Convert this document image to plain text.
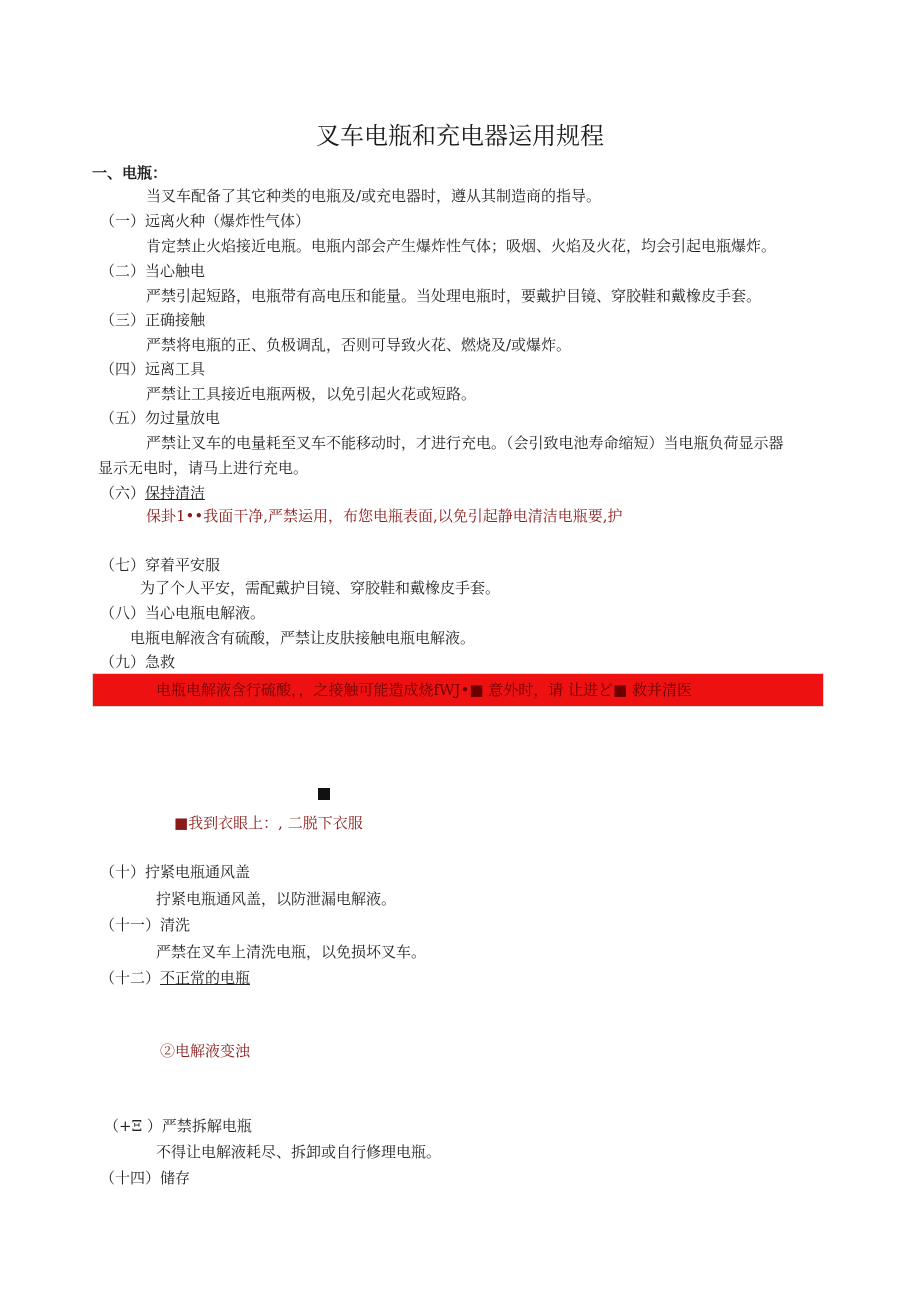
叉车电瓶和充电器运用规程
一、电瓶：
当叉车配备了其它种类的电瓶及/或充电器时，遵从其制造商的指导。
（一）远离火种（爆炸性气体）
肯定禁止火焰接近电瓶。电瓶内部会产生爆炸性气体；吸烟、火焰及火花，均会引起电瓶爆炸。
（二）当心触电
严禁引起短路，电瓶带有高电压和能量。当处理电瓶时，要戴护目镜、穿胶鞋和戴橡皮手套。
（三）正确接触
严禁将电瓶的正、负极调乱，否则可导致火花、燃烧及/或爆炸。
（四）远离工具
严禁让工具接近电瓶两极，以免引起火花或短路。
（五）勿过量放电
严禁让叉车的电量耗至叉车不能移动时，才进行充电。（会引致电池寿命缩短）当电瓶负荷显示器
显示无电时，请马上进行充电。
（六）保持清洁
保卦1••我面干净,严禁运用，布您电瓶表面,以免引起静电清洁电瓶要,护
（七）穿着平安服
为了个人平安，需配戴护目镜、穿胶鞋和戴橡皮手套。
（八）当心电瓶电解液。
电瓶电解液含有硫酸，严禁让皮肤接触电瓶电解液。
（九）急救
电瓶电解液含行硫酸，，之接触可能造成烧fWJ•■ 意外时，请 让进ど■ 救并清医
■我到衣眼上：, 二脱下衣服
（十）拧紧电瓶通风盖
拧紧电瓶通风盖，以防泄漏电解液。
（十一）清洗
严禁在叉车上清洗电瓶，以免损坏叉车。
（十二）不正常的电瓶
②电解液变浊
（+Ξ ）严禁拆解电瓶
不得让电解液耗尽、拆卸或自行修理电瓶。
（十四）储存
